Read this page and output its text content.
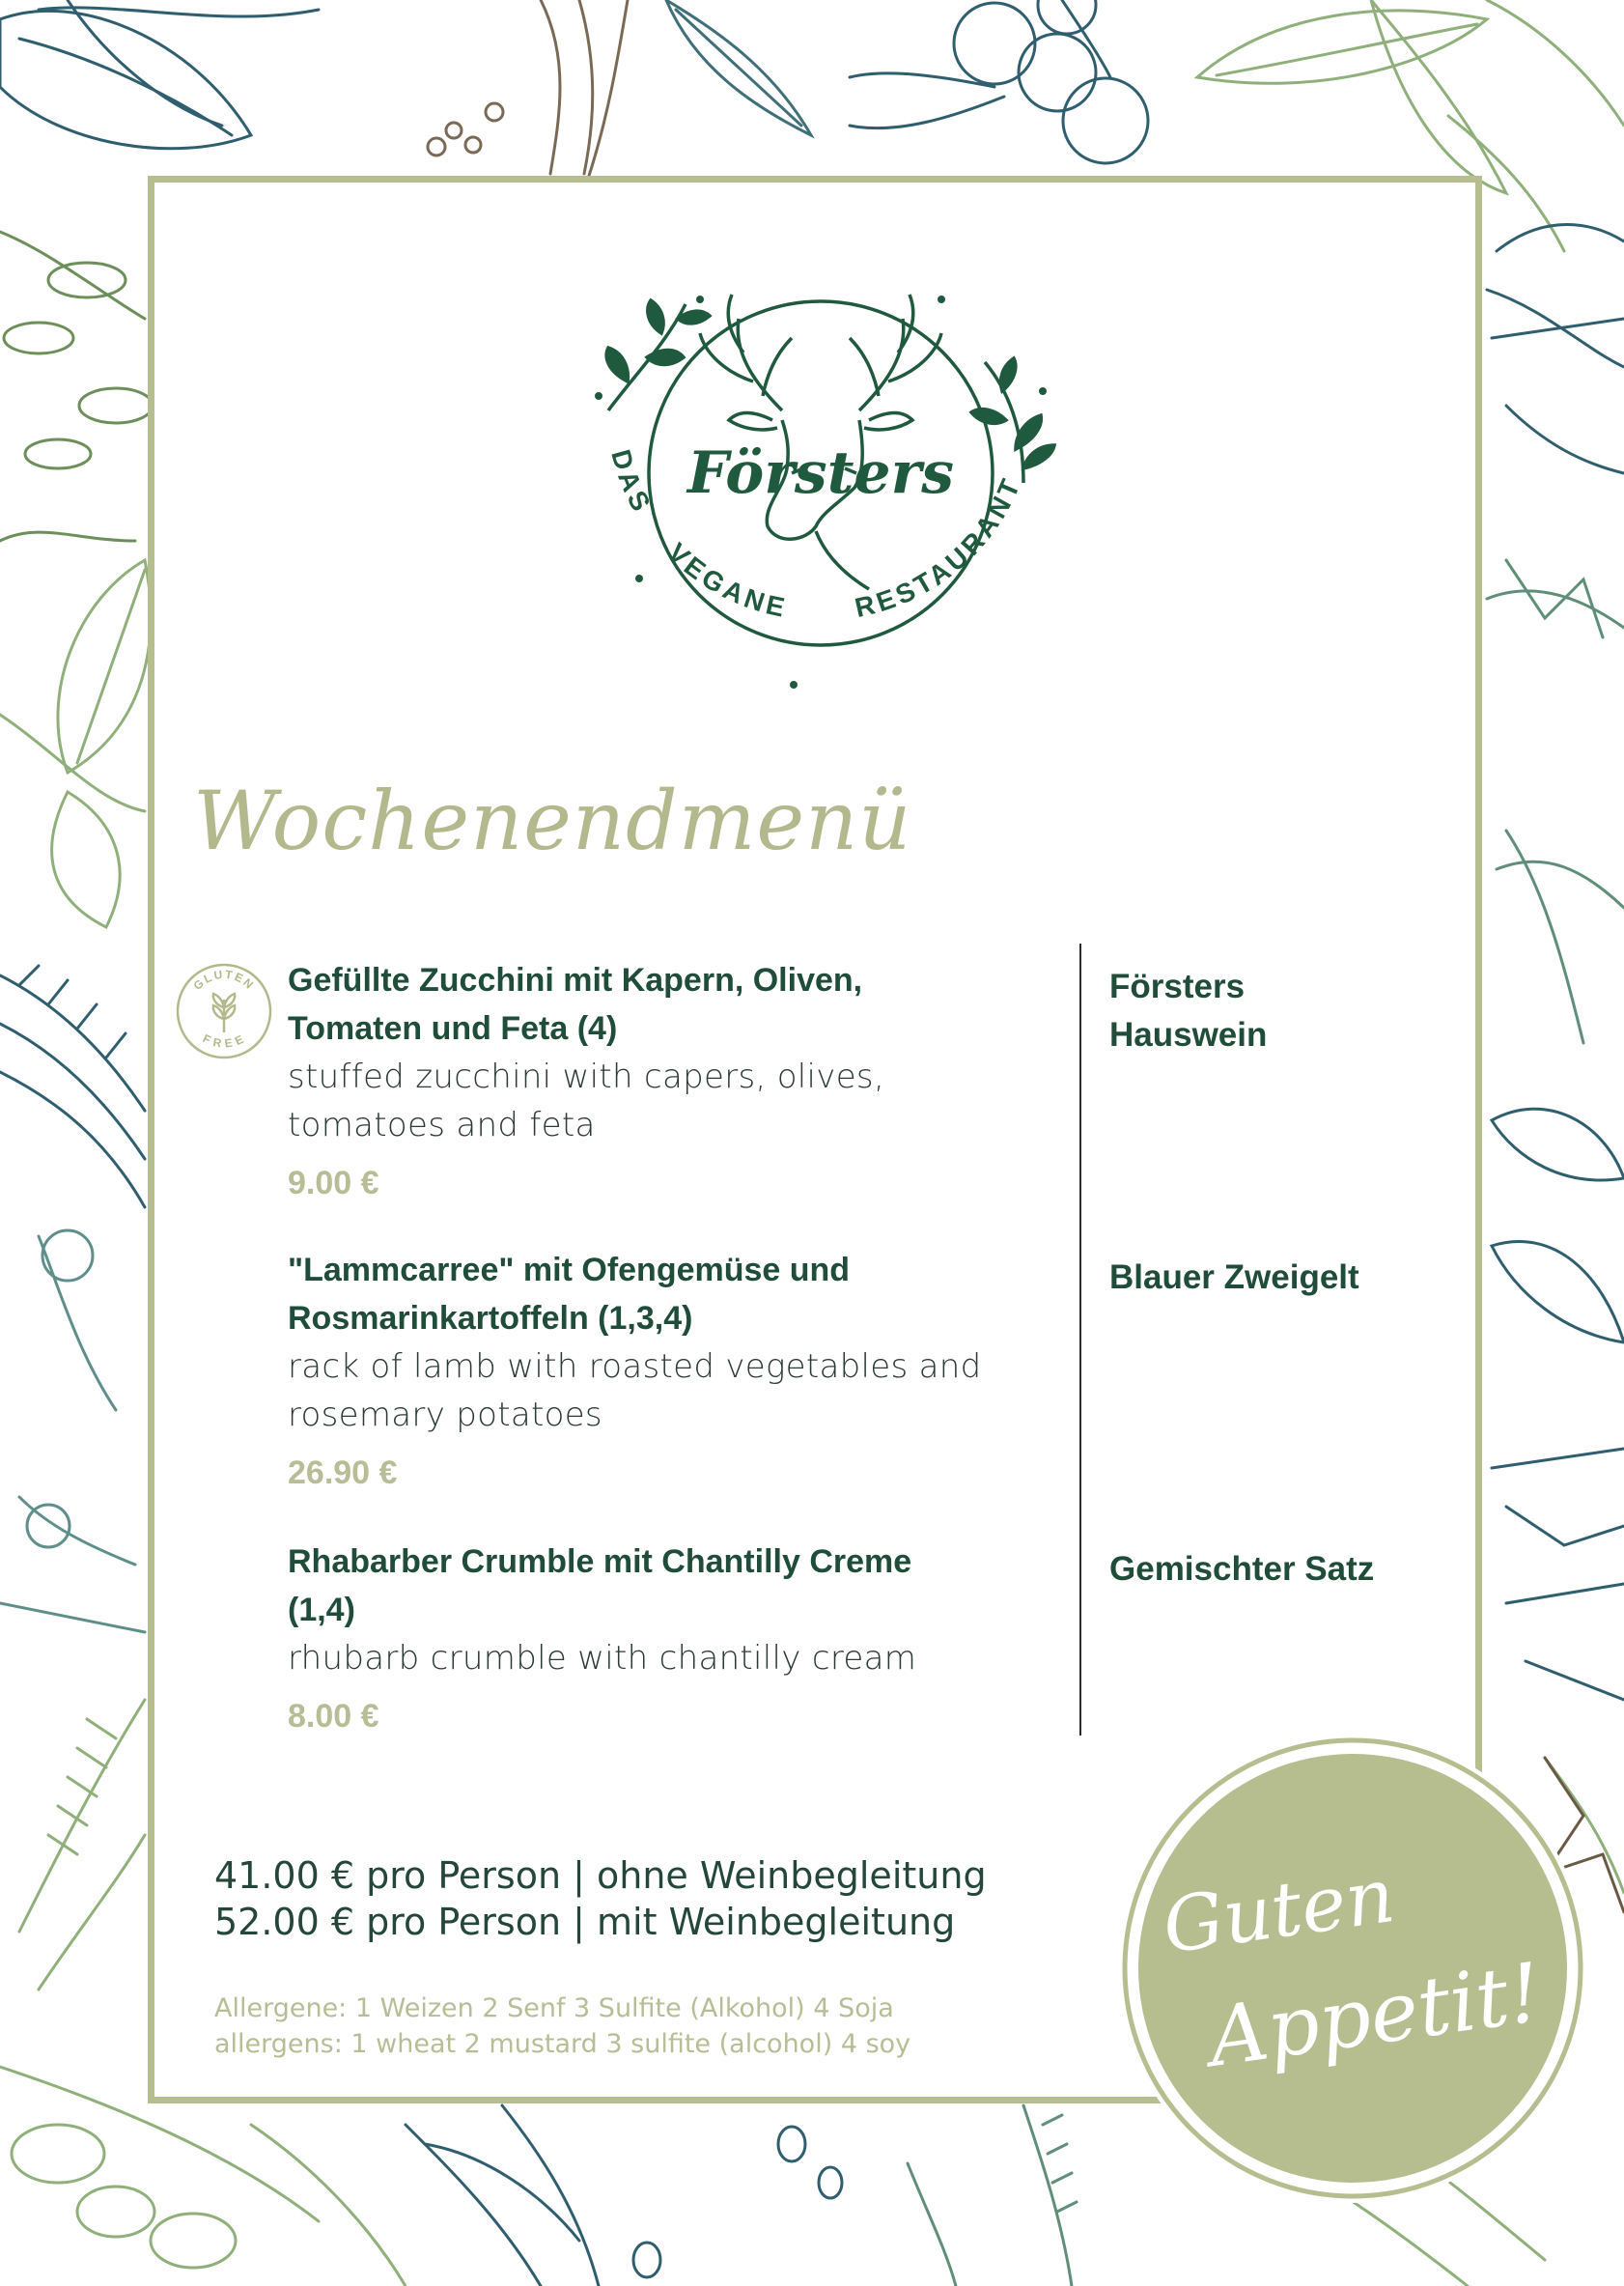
Försters
DAS
VEGANE RESTAURANT
Wochenendmenü
GLUTEN
FREE
Gefüllte Zucchini mit Kapern, Oliven,
Tomaten und Feta (4)
stuffed zucchini with capers, olives,
tomatoes and feta
9.00 €
Försters
Hauswein
"Lammcarree" mit Ofengemüse und
Rosmarinkartoffeln (1,3,4)
rack of lamb with roasted vegetables and
rosemary potatoes
26.90 €
Blauer Zweigelt
Rhabarber Crumble mit Chantilly Creme
(1,4)
rhubarb crumble with chantilly cream
8.00 €
Gemischter Satz
41.00 € pro Person | ohne Weinbegleitung
52.00 € pro Person | mit Weinbegleitung
Allergene: 1 Weizen 2 Senf 3 Sulfite (Alkohol) 4 Soja
allergens: 1 wheat 2 mustard 3 sulfite (alcohol) 4 soy
Guten
Appetit!
